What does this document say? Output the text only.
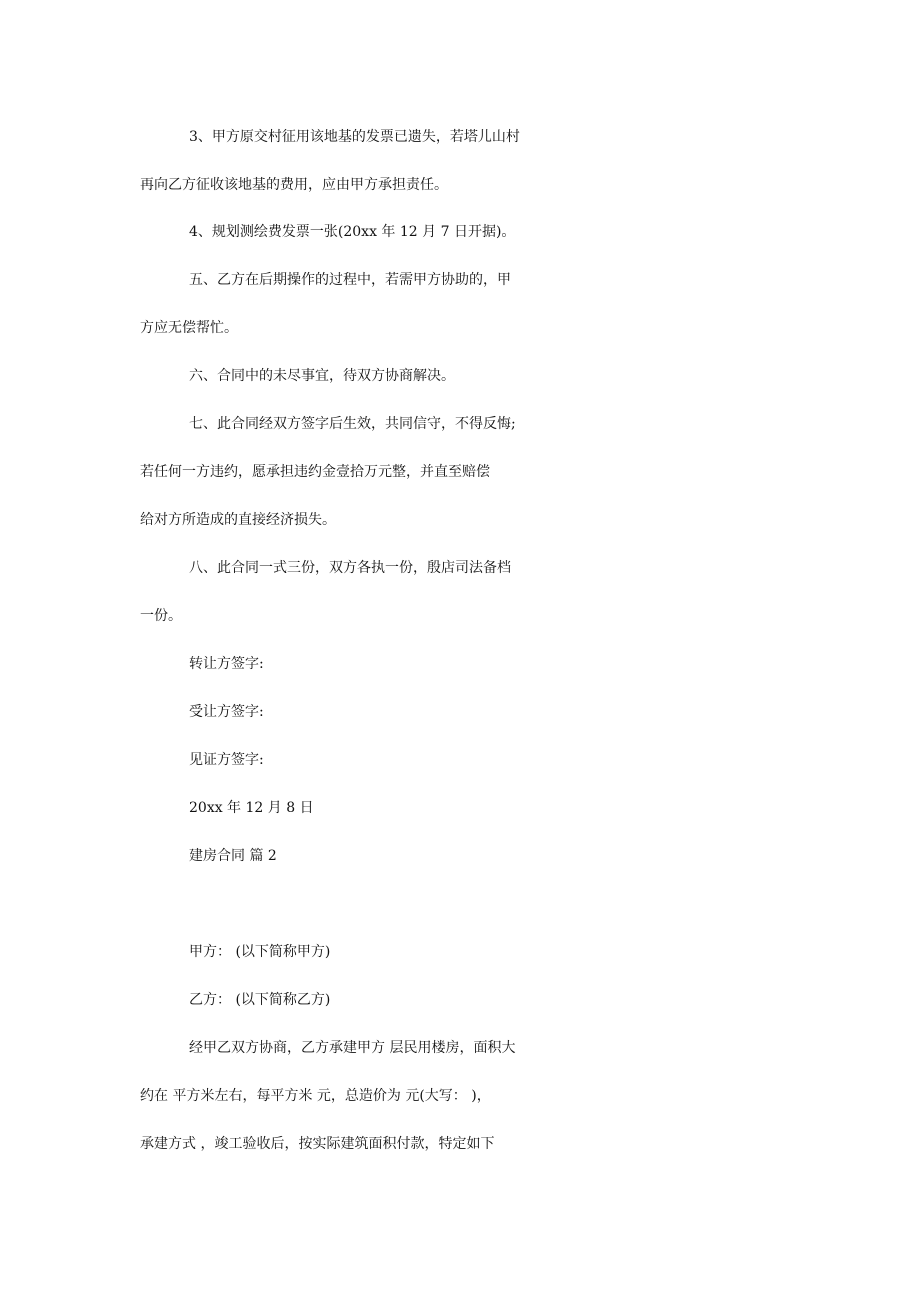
3、甲方原交村征用该地基的发票已遗失，若塔儿山村
再向乙方征收该地基的费用，应由甲方承担责任。
4、规划测绘费发票一张(20xx 年 12 月 7 日开据)。
五、乙方在后期操作的过程中，若需甲方协助的，甲
方应无偿帮忙。
六、合同中的未尽事宜，待双方协商解决。
七、此合同经双方签字后生效，共同信守，不得反悔;
若任何一方违约，愿承担违约金壹拾万元整，并直至赔偿
给对方所造成的直接经济损失。
八、此合同一式三份，双方各执一份，殷店司法备档
一份。
转让方签字:
受让方签字:
见证方签字:
20xx 年 12 月 8 日
建房合同 篇 2
甲方： (以下简称甲方)
乙方： (以下简称乙方)
经甲乙双方协商，乙方承建甲方 层民用楼房，面积大
约在 平方米左右，每平方米 元，总造价为 元(大写： )，
承建方式 ，竣工验收后，按实际建筑面积付款，特定如下
